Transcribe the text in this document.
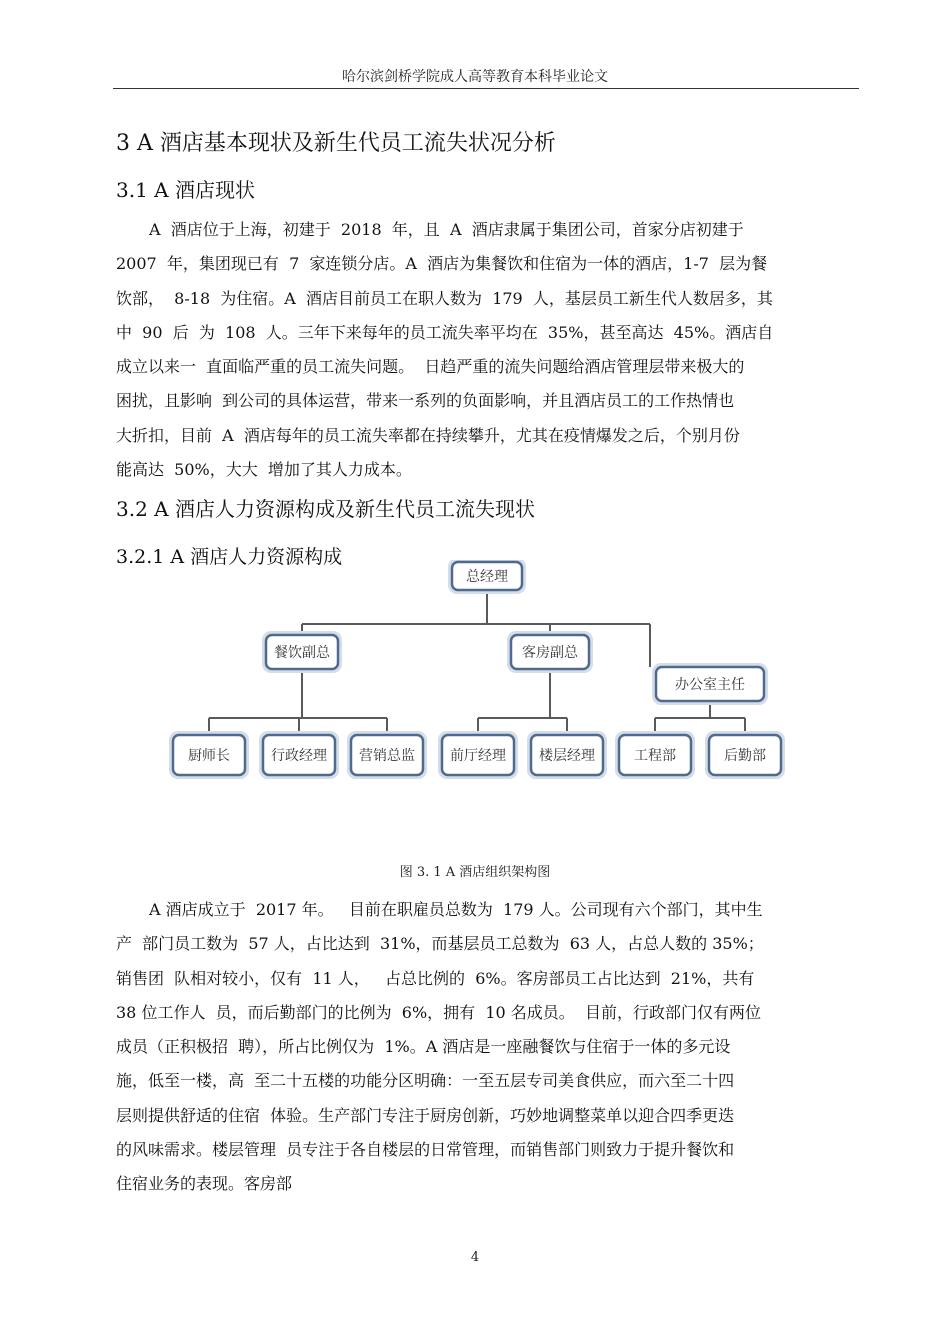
哈尔滨剑桥学院成人高等教育本科毕业论文
3 A 酒店基本现状及新生代员工流失状况分析
3.1 A 酒店现状
A  酒店位于上海，初建于  2018  年，且  A  酒店隶属于集团公司，首家分店初建于
2007  年，集团现已有  7  家连锁分店。A  酒店为集餐饮和住宿为一体的酒店，1-7  层为餐
饮部，  8-18  为住宿。A  酒店目前员工在职人数为  179  人，基层员工新生代人数居多，其
中  90  后  为  108  人。三年下来每年的员工流失率平均在  35%，甚至高达  45%。酒店自
成立以来一  直面临严重的员工流失问题。  日趋严重的流失问题给酒店管理层带来极大的
困扰，且影响  到公司的具体运营，带来一系列的负面影响，并且酒店员工的工作热情也
大折扣，目前  A  酒店每年的员工流失率都在持续攀升，尤其在疫情爆发之后，个别月份
能高达  50%，大大  增加了其人力成本。
3.2 A 酒店人力资源构成及新生代员工流失现状
3.2.1 A 酒店人力资源构成
总经理
餐饮副总	客房副总
办公室主任
厨师长	行政经理 营销总监	前厅经理 楼层经理	工程部	后勤部
图 3. 1 A 酒店组织架构图
A 酒店成立于  2017 年。   目前在职雇员总数为  179 人。公司现有六个部门，其中生
产  部门员工数为  57 人，占比达到  31%，而基层员工总数为  63 人，占总人数的 35%；
销售团  队相对较小，仅有  11 人，   占总比例的  6%。客房部员工占比达到  21%，共有
38 位工作人  员，而后勤部门的比例为  6%，拥有  10 名成员。  目前，行政部门仅有两位
成员（正积极招  聘），所占比例仅为  1%。A 酒店是一座融餐饮与住宿于一体的多元设
施，低至一楼，高  至二十五楼的功能分区明确：一至五层专司美食供应，而六至二十四
层则提供舒适的住宿  体验。生产部门专注于厨房创新，巧妙地调整菜单以迎合四季更迭
的风味需求。楼层管理  员专注于各自楼层的日常管理，而销售部门则致力于提升餐饮和
住宿业务的表现。客房部
4
